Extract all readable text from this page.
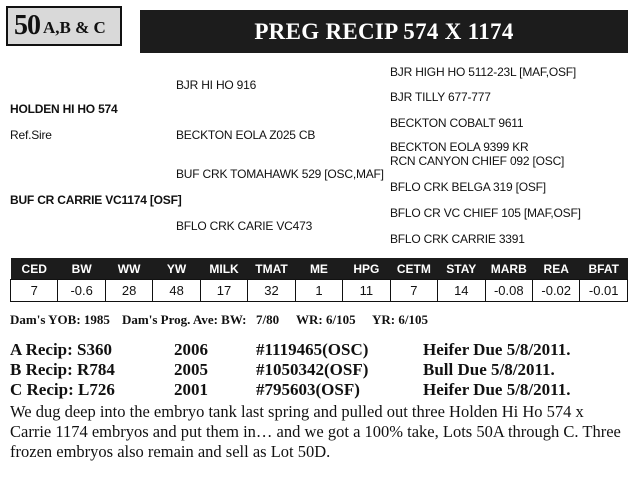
50 A,B & C	PREG RECIP 574 X 1174
BJR HI HO 916
HOLDEN HI HO 574
Ref.Sire	BECKTON EOLA Z025 CB
BUF CRK TOMAHAWK 529 [OSC,MAF]
BUF CR CARRIE VC1174 [OSF]
BFLO CRK CARIE VC473
BJR HIGH HO 5112-23L [MAF,OSF]
BJR TILLY 677-777
BECKTON COBALT 9611
BECKTON EOLA 9399 KR
RCN CANYON CHIEF 092 [OSC]
BFLO CRK BELGA 319 [OSF]
BFLO CR VC CHIEF 105 [MAF,OSF]
BFLO CRK CARRIE 3391
CED	BW	WW	YW	MILK	TMAT	ME	HPG	CETM	STAY	MARB	REA	BFAT
7	-0.6	28	48	17	32	1	11	7	14	-0.08	-0.02	-0.01
Dam's YOB: 1985 Dam's Prog. Ave: BW: 7/80 WR: 6/105 YR: 6/105
A Recip: S360	2006	#1119465(OSC)	Heifer Due 5/8/2011.
B Recip: R784	2005	#1050342(OSF)	Bull Due 5/8/2011.
C Recip: L726	2001	#795603(OSF)	Heifer Due 5/8/2011.
We dug deep into the embryo tank last spring and pulled out three Holden Hi Ho 574 x Carrie 1174 embryos and put them in… and we got a 100% take, Lots 50A through C. Three frozen embryos also remain and sell as Lot 50D.
